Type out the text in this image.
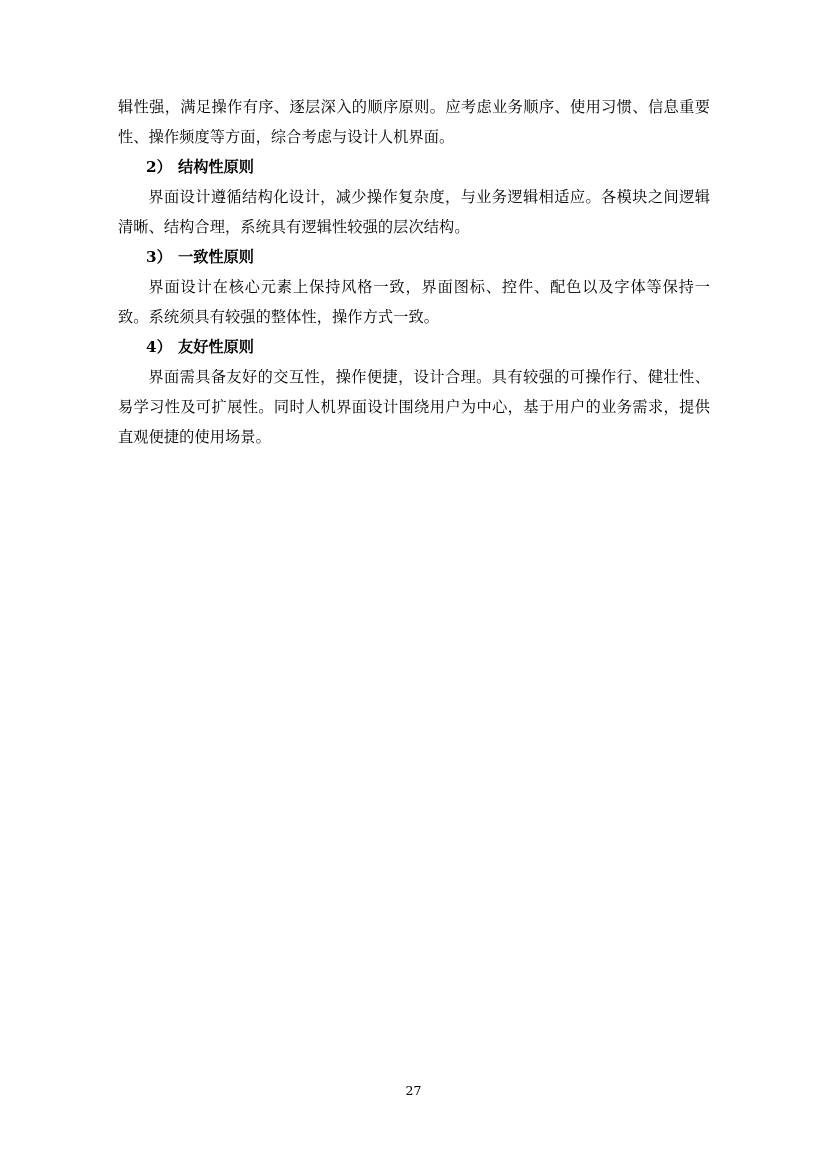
辑性强，满足操作有序、逐层深入的顺序原则。应考虑业务顺序、使用习惯、信息重要性、操作频度等方面，综合考虑与设计人机界面。

2） 结构性原则

界面设计遵循结构化设计，减少操作复杂度，与业务逻辑相适应。各模块之间逻辑清晰、结构合理，系统具有逻辑性较强的层次结构。

3） 一致性原则

界面设计在核心元素上保持风格一致，界面图标、控件、配色以及字体等保持一致。系统须具有较强的整体性，操作方式一致。

4） 友好性原则

界面需具备友好的交互性，操作便捷，设计合理。具有较强的可操作行、健壮性、易学习性及可扩展性。同时人机界面设计围绕用户为中心，基于用户的业务需求，提供直观便捷的使用场景。

27
